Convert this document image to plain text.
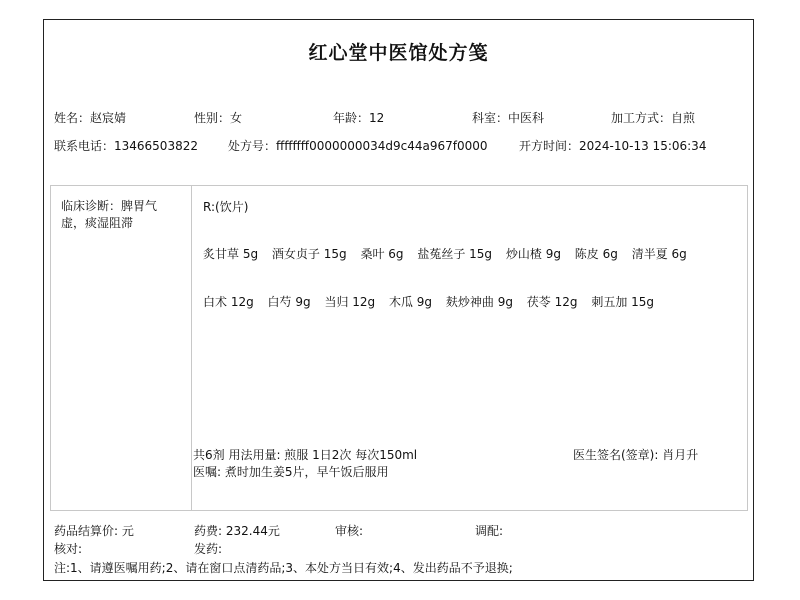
红心堂中医馆处方笺
姓名：赵宸婧	性别：女	年龄：12	科室：中医科	加工方式：自煎
联系电话：13466503822	处方号：ffffffff0000000034d9c44a967f0000	开方时间：2024-10-13 15:06:34
临床诊断：脾胃气虚，痰湿阻滞
R:(饮片)
炙甘草 5g 酒女贞子 15g 桑叶 6g 盐菟丝子 15g 炒山楂 9g 陈皮 6g 清半夏 6g
白术 12g 白芍 9g 当归 12g 木瓜 9g 麸炒神曲 9g 茯苓 12g 刺五加 15g
共6剂 用法用量: 煎服 1日2次 每次150ml
医嘱: 煮时加生姜5片，早午饭后服用
医生签名(签章): 肖月升
药品结算价: 元	药费: 232.44元	审核:	调配:
核对:	发药:
注:1、请遵医嘱用药;2、请在窗口点清药品;3、本处方当日有效;4、发出药品不予退换;
